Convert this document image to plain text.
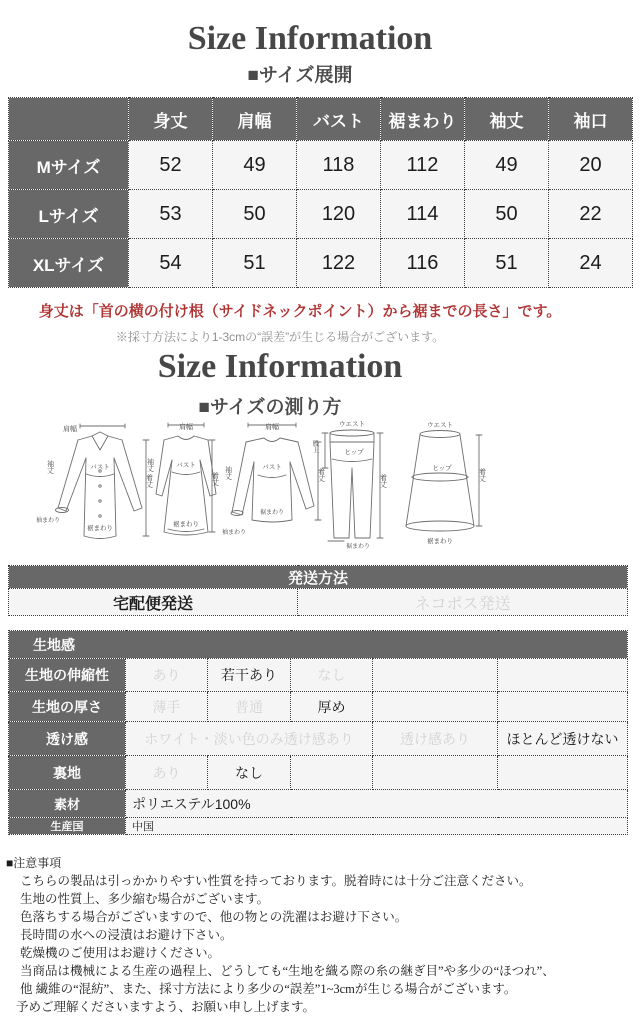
Size Information
■サイズ展開
	身丈	肩幅	バスト	裾まわり	袖丈	袖口
Mサイズ	52	49	118	112	49	20
Lサイズ	53	50	120	114	50	22
XLサイズ	54	51	122	116	51	24
身丈は「首の横の付け根（サイドネックポイント）から裾までの長さ」です。
※採寸方法により1-3cmの“誤差”が生じる場合がございます。
Size Information
■サイズの測り方
肩幅
バスト
袖丈
袖まわり
裾まわり
着丈
肩幅
バスト
袖丈
裾まわり
着丈
肩幅
バスト
袖丈
裾まわり
袖まわり
着丈
ウエスト
ヒップ
股上
着丈
裾まわり
ウエスト
ヒップ	着丈
裾まわり
発送方法
宅配便発送	ネコポス発送
生地感					
生地の伸縮性	あり	若干あり	なし		
生地の厚さ	薄手	普通	厚め		
透け感	ホワイト・淡い色のみ透け感あり			透け感あり	ほとんど透けない
裏地	あり	なし			
素材	ポリエステル100%				
生産国	中国				
■注意事項
こちらの製品は引っかかりやすい性質を持っております。脱着時には十分ご注意ください。
生地の性質上、多少縮む場合がございます。
色落ちする場合がございますので、他の物との洗濯はお避け下さい。
長時間の水への浸漬はお避け下さい。
乾燥機のご使用はお避けください。
当商品は機械による生産の過程上、どうしても“生地を織る際の糸の継ぎ目”や多少の“ほつれ”、
他 繊維の“混紡”、また、採寸方法により多少の“誤差”1~3cmが生じる場合がございます。
予めご理解くださいますよう、お願い申し上げます。
